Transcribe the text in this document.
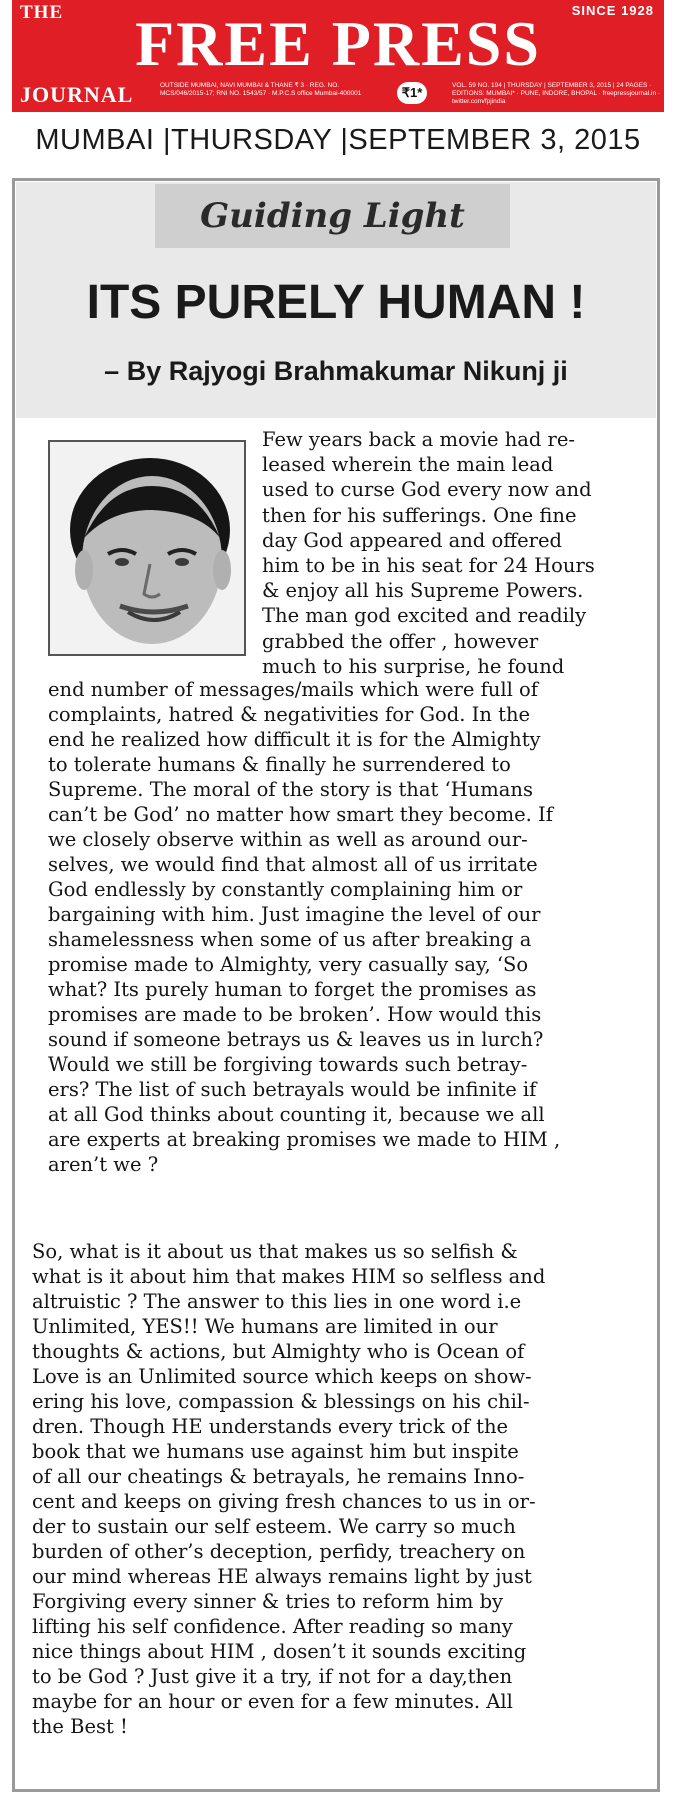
THE	SINCE 1928
FREE PRESS
JOURNAL	OUTSIDE MUMBAI, NAVI MUMBAI & THANE ₹ 3 · REG. NO. MCS/046/2015-17; RNI NO. 1543/57 · M.P.C.S office Mumbai-400001	₹1*	VOL. 59 NO. 194 | THURSDAY | SEPTEMBER 3, 2015 | 24 PAGES · EDITIONS: MUMBAI* · PUNE, INDORE, BHOPAL · freepressjournal.in · twitter.com/fpjindia
MUMBAI |THURSDAY |SEPTEMBER 3, 2015
Guiding Light
ITS PURELY HUMAN !
– By Rajyogi Brahmakumar Nikunj ji
Few years back a movie had re-
leased wherein the main lead
used to curse God every now and
then for his sufferings. One fine
day God appeared and offered
him to be in his seat for 24 Hours
& enjoy all his Supreme Powers.
The man god excited and readily
grabbed the offer , however
much to his surprise, he found
end number of messages/mails which were full of
complaints, hatred & negativities for God. In the
end he realized how difficult it is for the Almighty
to tolerate humans & finally he surrendered to
Supreme. The moral of the story is that ‘Humans
can’t be God’ no matter how smart they become. If
we closely observe within as well as around our-
selves, we would find that almost all of us irritate
God endlessly by constantly complaining him or
bargaining with him. Just imagine the level of our
shamelessness when some of us after breaking a
promise made to Almighty, very casually say, ‘So
what? Its purely human to forget the promises as
promises are made to be broken’. How would this
sound if someone betrays us & leaves us in lurch?
Would we still be forgiving towards such betray-
ers? The list of such betrayals would be infinite if
at all God thinks about counting it, because we all
are experts at breaking promises we made to HIM ,
aren’t we ?
So, what is it about us that makes us so selfish &
what is it about him that makes HIM so selfless and
altruistic ? The answer to this lies in one word i.e
Unlimited, YES!! We humans are limited in our
thoughts & actions, but Almighty who is Ocean of
Love is an Unlimited source which keeps on show-
ering his love, compassion & blessings on his chil-
dren. Though HE understands every trick of the
book that we humans use against him but inspite
of all our cheatings & betrayals, he remains Inno-
cent and keeps on giving fresh chances to us in or-
der to sustain our self esteem. We carry so much
burden of other’s deception, perfidy, treachery on
our mind whereas HE always remains light by just
Forgiving every sinner & tries to reform him by
lifting his self confidence. After reading so many
nice things about HIM , dosen’t it sounds exciting
to be God ? Just give it a try, if not for a day,then
maybe for an hour or even for a few minutes. All
the Best !
